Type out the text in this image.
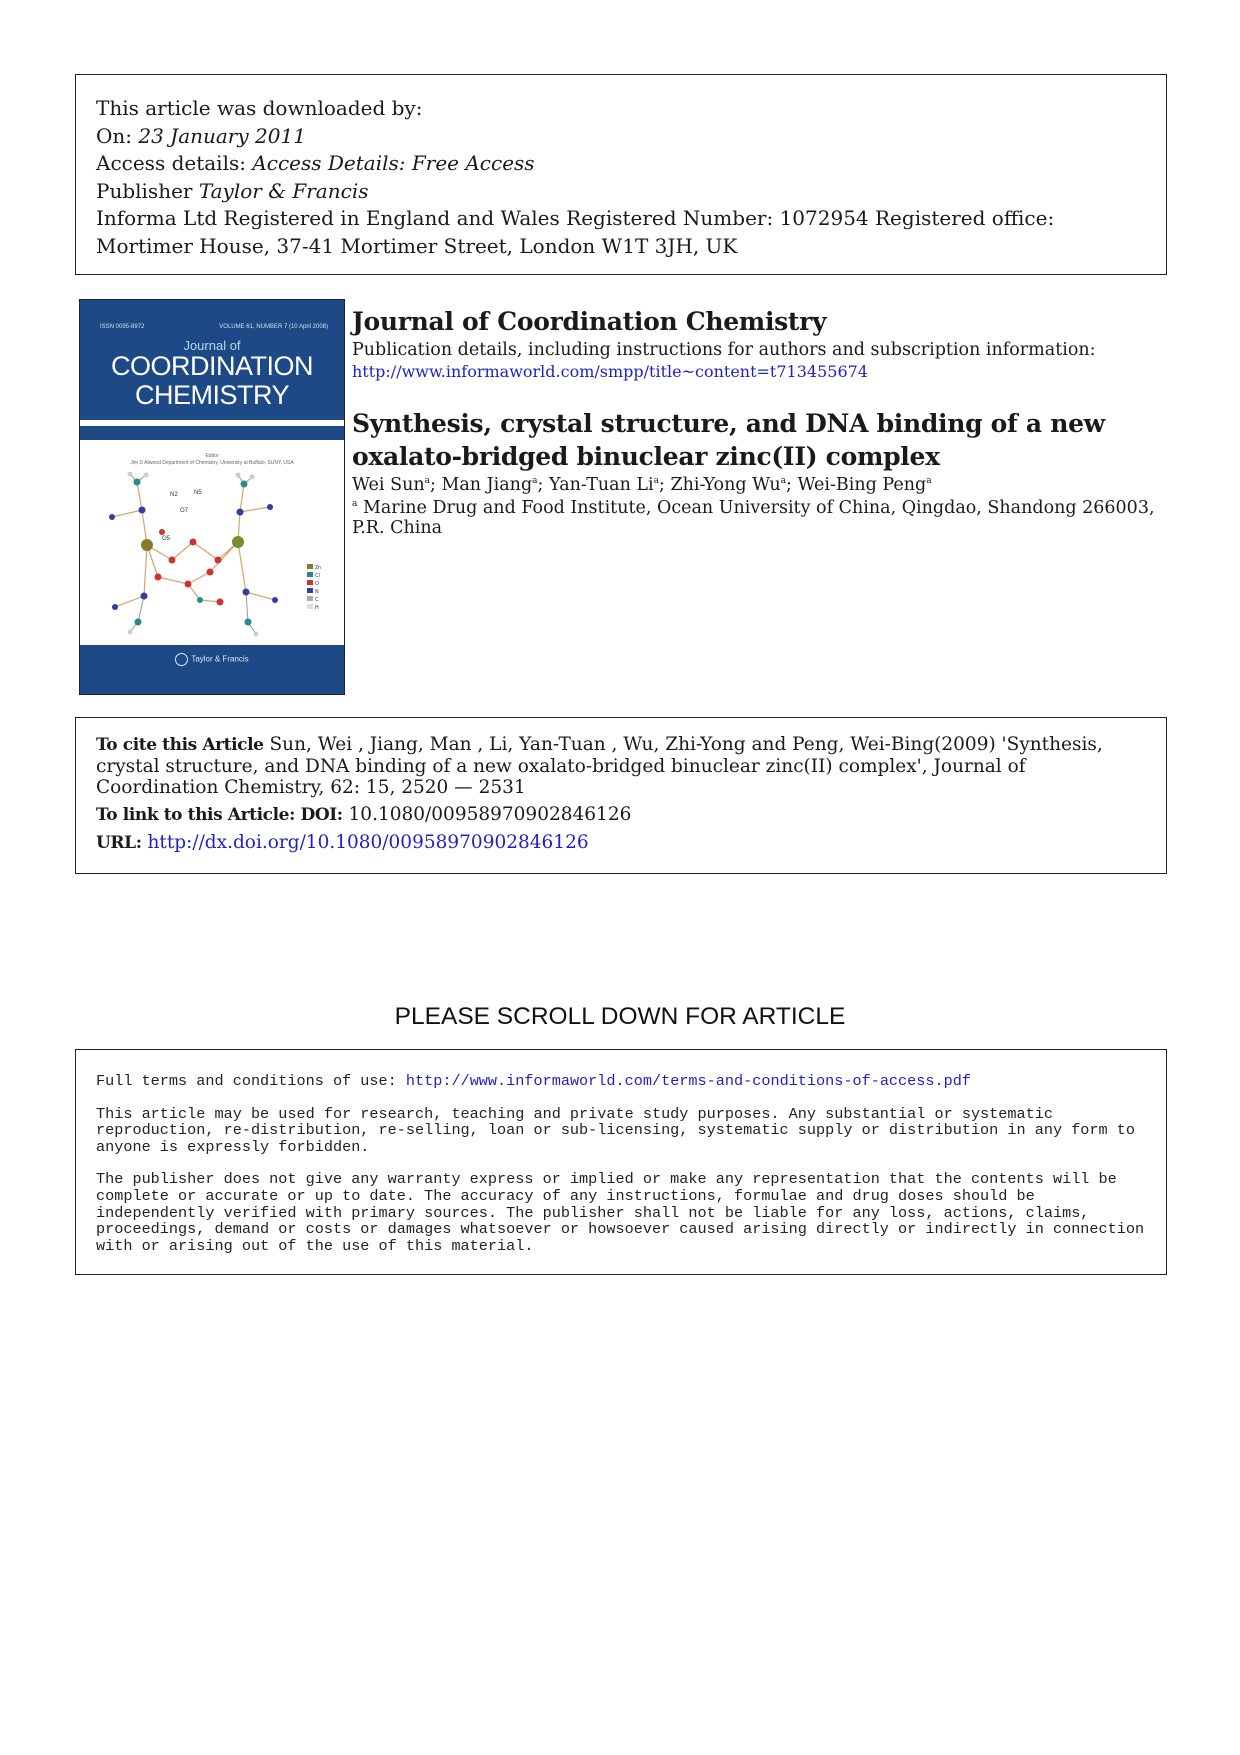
This article was downloaded by:
On: 23 January 2011
Access details: Access Details: Free Access
Publisher Taylor & Francis
Informa Ltd Registered in England and Wales Registered Number: 1072954 Registered office: Mortimer House, 37-41 Mortimer Street, London W1T 3JH, UK
ISSN 0095-8972	VOLUME 61, NUMBER 7 (10 April 2008)
Journal of
COORDINATION
CHEMISTRY
Editor
Jim D Atwood Department of Chemistry, University at Buffalo, SUNY, USA
N2	N5
O7
O5
Zn
Cl
O
N
C
H
Taylor & Francis
Journal of Coordination Chemistry
Publication details, including instructions for authors and subscription information:
http://www.informaworld.com/smpp/title~content=t713455674
Synthesis, crystal structure, and DNA binding of a new oxalato-bridged binuclear zinc(II) complex
Wei Sun$^a$; Man Jiang$^a$; Yan-Tuan Li$^a$; Zhi-Yong Wu$^a$; Wei-Bing Peng$^a$
$^a$ Marine Drug and Food Institute, Ocean University of China, Qingdao, Shandong 266003, P.R. China
To cite this Article Sun, Wei , Jiang, Man , Li, Yan-Tuan , Wu, Zhi-Yong and Peng, Wei-Bing(2009) 'Synthesis, crystal structure, and DNA binding of a new oxalato-bridged binuclear zinc(II) complex', Journal of Coordination Chemistry, 62: 15, 2520 — 2531
To link to this Article: DOI: 10.1080/00958970902846126
URL: http://dx.doi.org/10.1080/00958970902846126
PLEASE SCROLL DOWN FOR ARTICLE

Full terms and conditions of use: http://www.informaworld.com/terms-and-conditions-of-access.pdf

This article may be used for research, teaching and private study purposes. Any substantial or systematic reproduction, re-distribution, re-selling, loan or sub-licensing, systematic supply or distribution in any form to anyone is expressly forbidden.

The publisher does not give any warranty express or implied or make any representation that the contents will be complete or accurate or up to date. The accuracy of any instructions, formulae and drug doses should be independently verified with primary sources. The publisher shall not be liable for any loss, actions, claims, proceedings, demand or costs or damages whatsoever or howsoever caused arising directly or indirectly in connection with or arising out of the use of this material.
